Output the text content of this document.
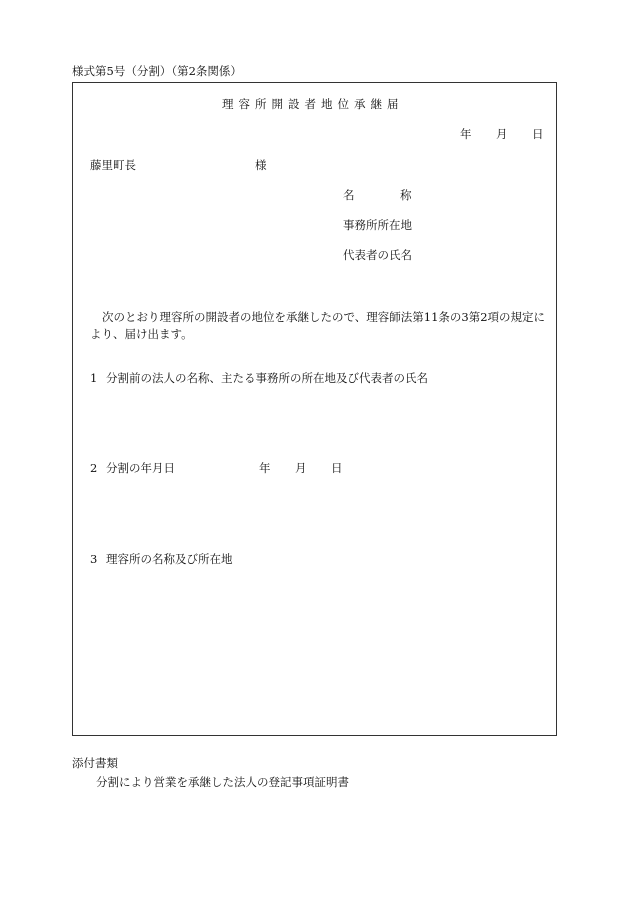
様式第5号（分割）（第2条関係）
理容所開設者地位承継届
年 月 日
藤里町長	様
名	称
事務所所在地
代表者の氏名
次のとおり理容所の開設者の地位を承継したので、理容師法第11条の3第2項の規定により、届け出ます。
1 分割前の法人の名称、主たる事務所の所在地及び代表者の氏名
2 分割の年月日	年 月 日
3 理容所の名称及び所在地
添付書類
分割により営業を承継した法人の登記事項証明書
